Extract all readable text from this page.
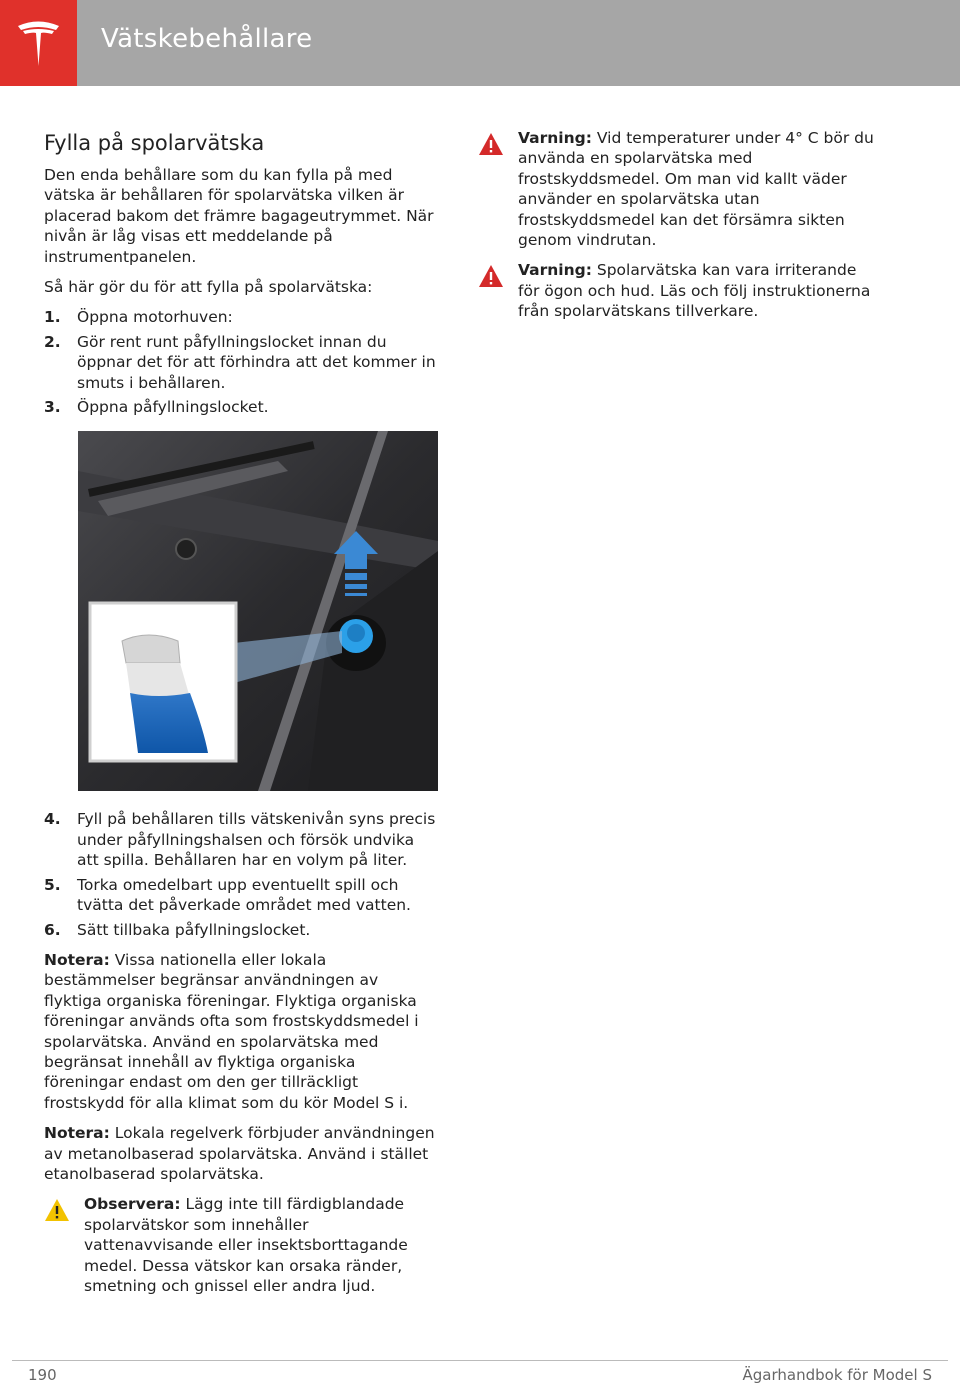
Vätskebehållare
Fylla på spolarvätska

Den enda behållare som du kan fylla på med vätska är behållaren för spolarvätska vilken är placerad bakom det främre bagageutrymmet. När nivån är låg visas ett meddelande på instrumentpanelen.

Så här gör du för att fylla på spolarvätska:

1. Öppna motorhuven:
2. Gör rent runt påfyllningslocket innan du öppnar det för att förhindra att det kommer in smuts i behållaren.
3. Öppna påfyllningslocket.
4. Fyll på behållaren tills vätskenivån syns precis under påfyllningshalsen och försök undvika att spilla. Behållaren har en volym på liter.
5. Torka omedelbart upp eventuellt spill och tvätta det påverkade området med vatten.
6. Sätt tillbaka påfyllningslocket.

Notera: Vissa nationella eller lokala bestämmelser begränsar användningen av flyktiga organiska föreningar. Flyktiga organiska föreningar används ofta som frostskyddsmedel i spolarvätska. Använd en spolarvätska med begränsat innehåll av flyktiga organiska föreningar endast om den ger tillräckligt frostskydd för alla klimat som du kör Model S i.

Notera: Lokala regelverk förbjuder användningen av metanolbaserad spolarvätska. Använd i stället etanolbaserad spolarvätska.

Observera: Lägg inte till färdigblandade spolarvätskor som innehåller vattenavvisande eller insektsborttagande medel. Dessa vätskor kan orsaka ränder, smetning och gnissel eller andra ljud.
Varning: Vid temperaturer under 4° C bör du använda en spolarvätska med frostskyddsmedel. Om man vid kallt väder använder en spolarvätska utan frostskyddsmedel kan det försämra sikten genom vindrutan.
Varning: Spolarvätska kan vara irriterande för ögon och hud. Läs och följ instruktionerna från spolarvätskans tillverkare.
190	Ägarhandbok för Model S
